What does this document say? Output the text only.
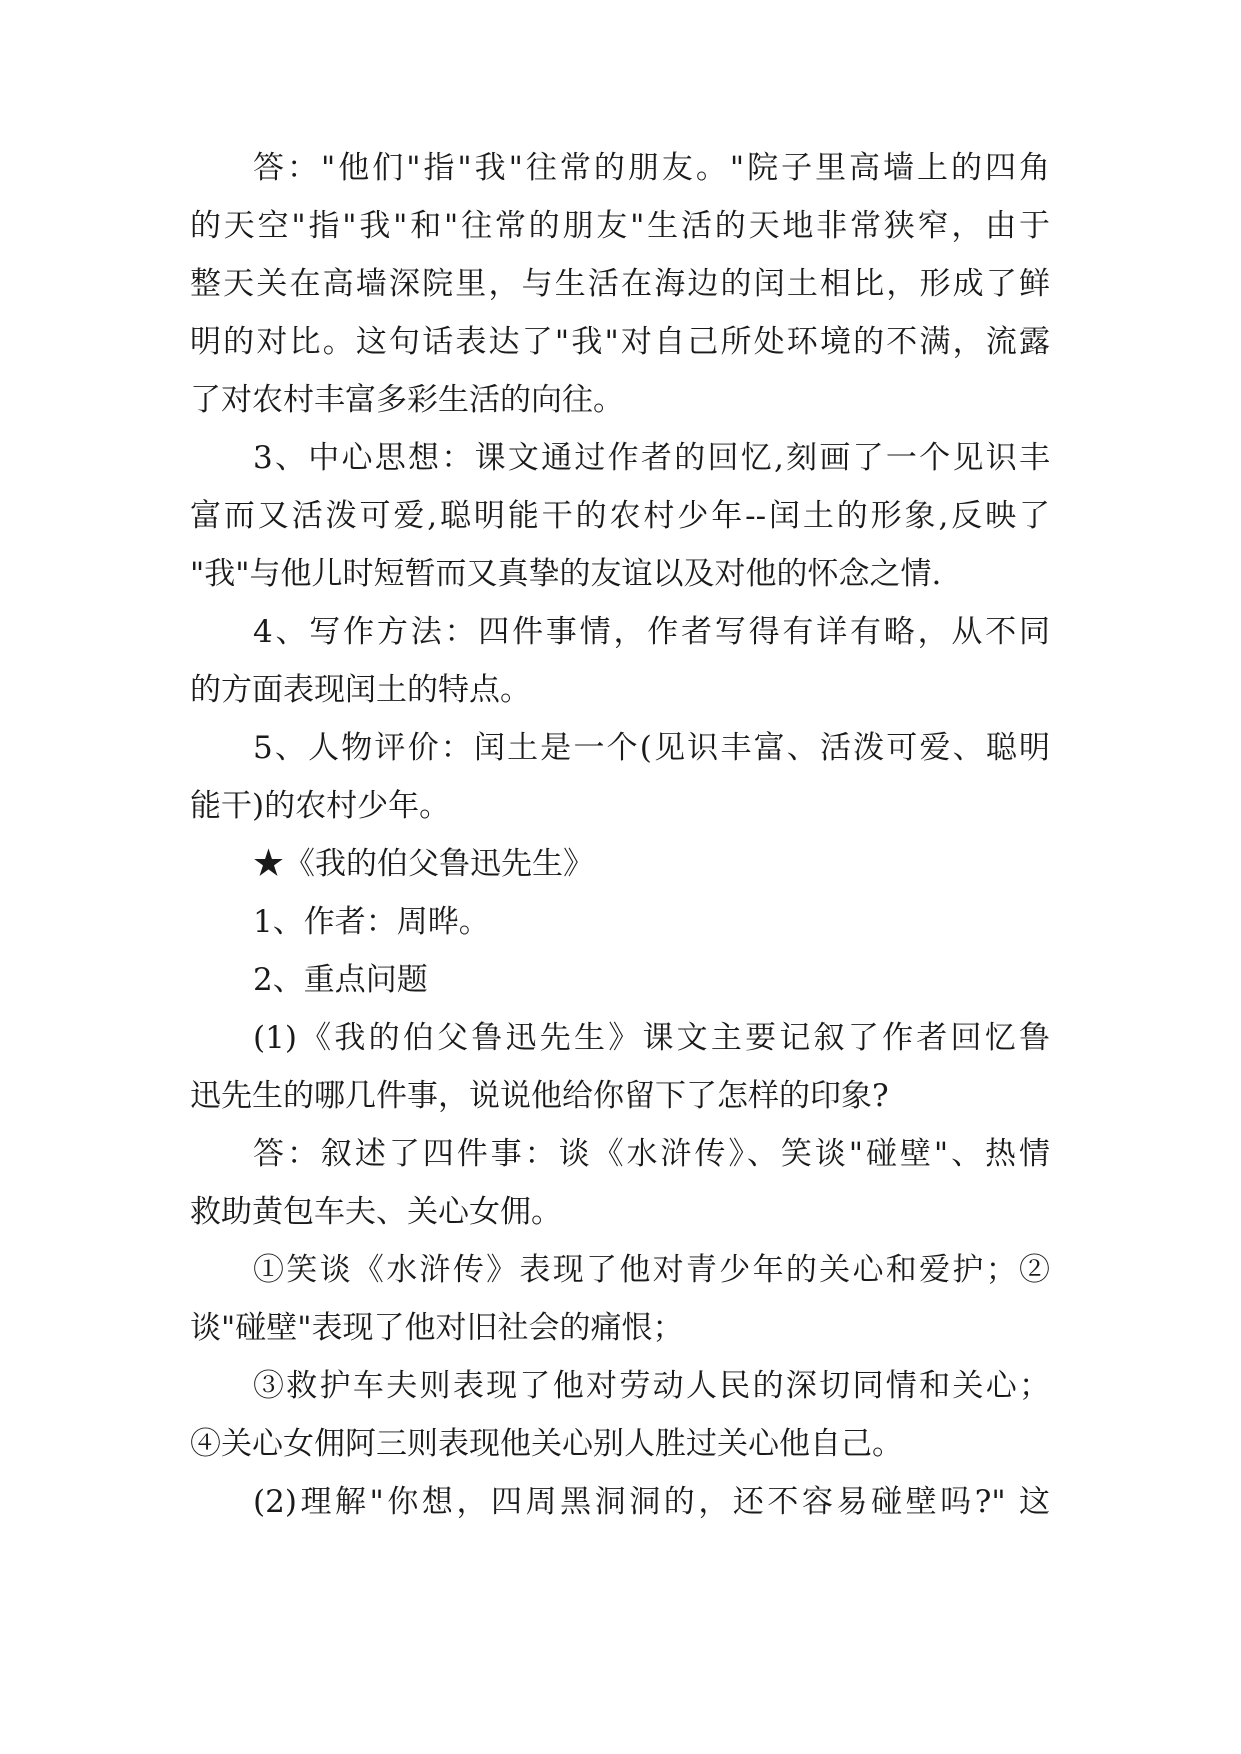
答："他们"指"我"往常的朋友。"院子里高墙上的四角
的天空"指"我"和"往常的朋友"生活的天地非常狭窄，由于
整天关在高墙深院里，与生活在海边的闰土相比，形成了鲜
明的对比。这句话表达了"我"对自己所处环境的不满，流露
了对农村丰富多彩生活的向往。
3、中心思想：课文通过作者的回忆,刻画了一个见识丰
富而又活泼可爱,聪明能干的农村少年--闰土的形象,反映了
"我"与他儿时短暂而又真挚的友谊以及对他的怀念之情.
4、写作方法：四件事情，作者写得有详有略，从不同
的方面表现闰土的特点。
5、人物评价：闰土是一个(见识丰富、活泼可爱、聪明
能干)的农村少年。
★《我的伯父鲁迅先生》
1、作者：周晔。
2、重点问题
(1)《我的伯父鲁迅先生》课文主要记叙了作者回忆鲁
迅先生的哪几件事，说说他给你留下了怎样的印象?
答：叙述了四件事：谈《水浒传》、笑谈"碰壁"、热情
救助黄包车夫、关心女佣。
①笑谈《水浒传》表现了他对青少年的关心和爱护；②
谈"碰壁"表现了他对旧社会的痛恨；
③救护车夫则表现了他对劳动人民的深切同情和关心；
④关心女佣阿三则表现他关心别人胜过关心他自己。
(2)理解"你想，四周黑洞洞的，还不容易碰壁吗?" 这
